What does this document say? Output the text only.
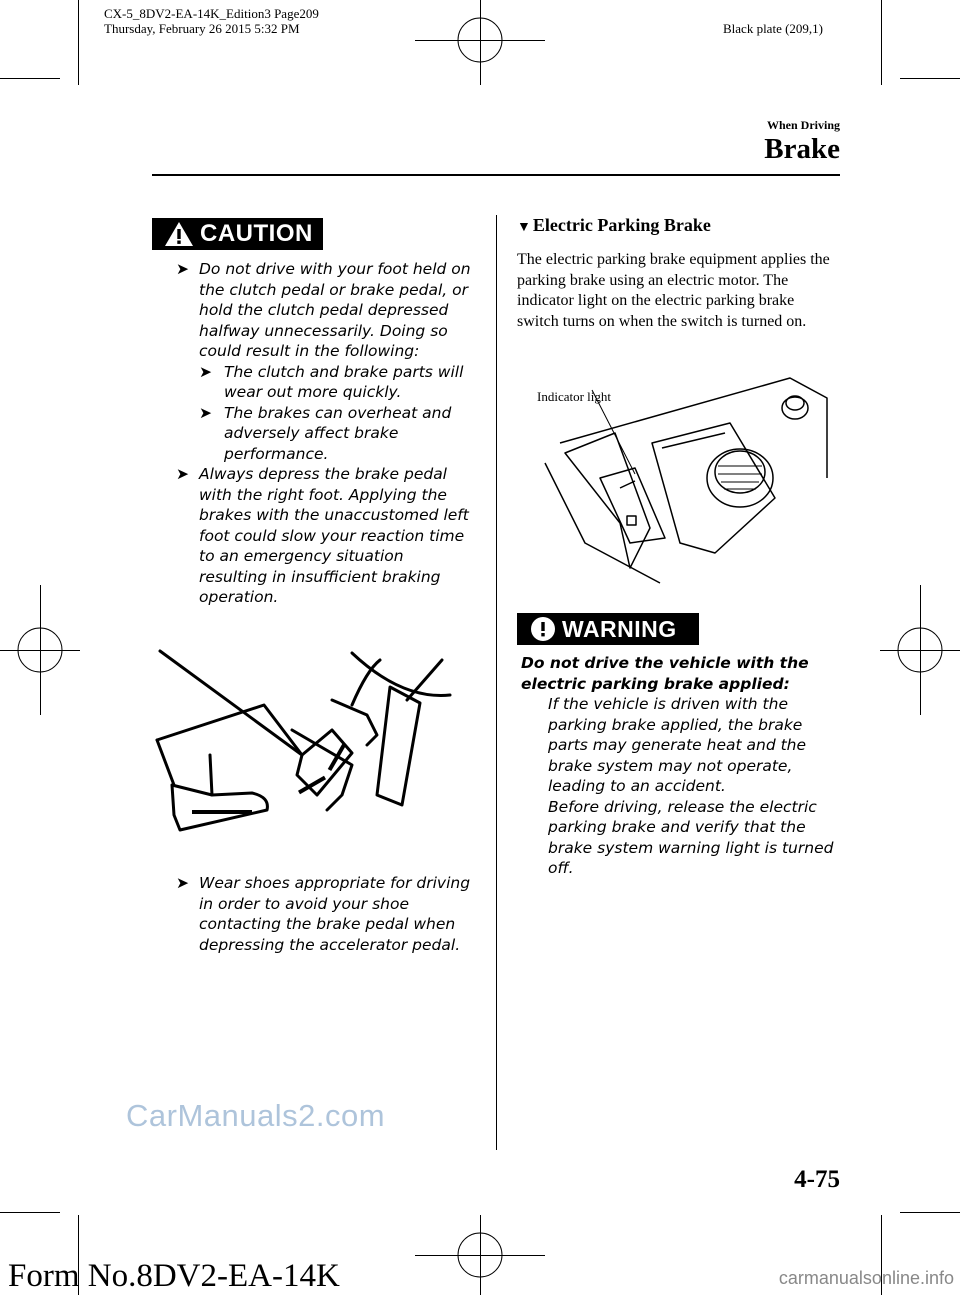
CX-5_8DV2-EA-14K_Edition3 Page209
Thursday, February 26 2015 5:32 PM	Black plate (209,1)
When Driving
Brake
CAUTION
➤ Do not drive with your foot held on the clutch pedal or brake pedal, or hold the clutch pedal depressed halfway unnecessarily. Doing so could result in the following:
➤ The clutch and brake parts will wear out more quickly.
➤ The brakes can overheat and adversely affect brake performance.
➤ Always depress the brake pedal with the right foot. Applying the brakes with the unaccustomed left foot could slow your reaction time to an emergency situation resulting in insufficient braking operation.
➤ Wear shoes appropriate for driving in order to avoid your shoe contacting the brake pedal when depressing the accelerator pedal.
▼ Electric Parking Brake
The electric parking brake equipment applies the parking brake using an electric motor. The indicator light on the electric parking brake switch turns on when the switch is turned on.
Indicator light
WARNING
Do not drive the vehicle with the electric parking brake applied:
If the vehicle is driven with the parking brake applied, the brake parts may generate heat and the brake system may not operate, leading to an accident.
Before driving, release the electric parking brake and verify that the brake system warning light is turned off.
CarManuals2.com
4-75
Form No.8DV2-EA-14K	carmanualsonline.info
